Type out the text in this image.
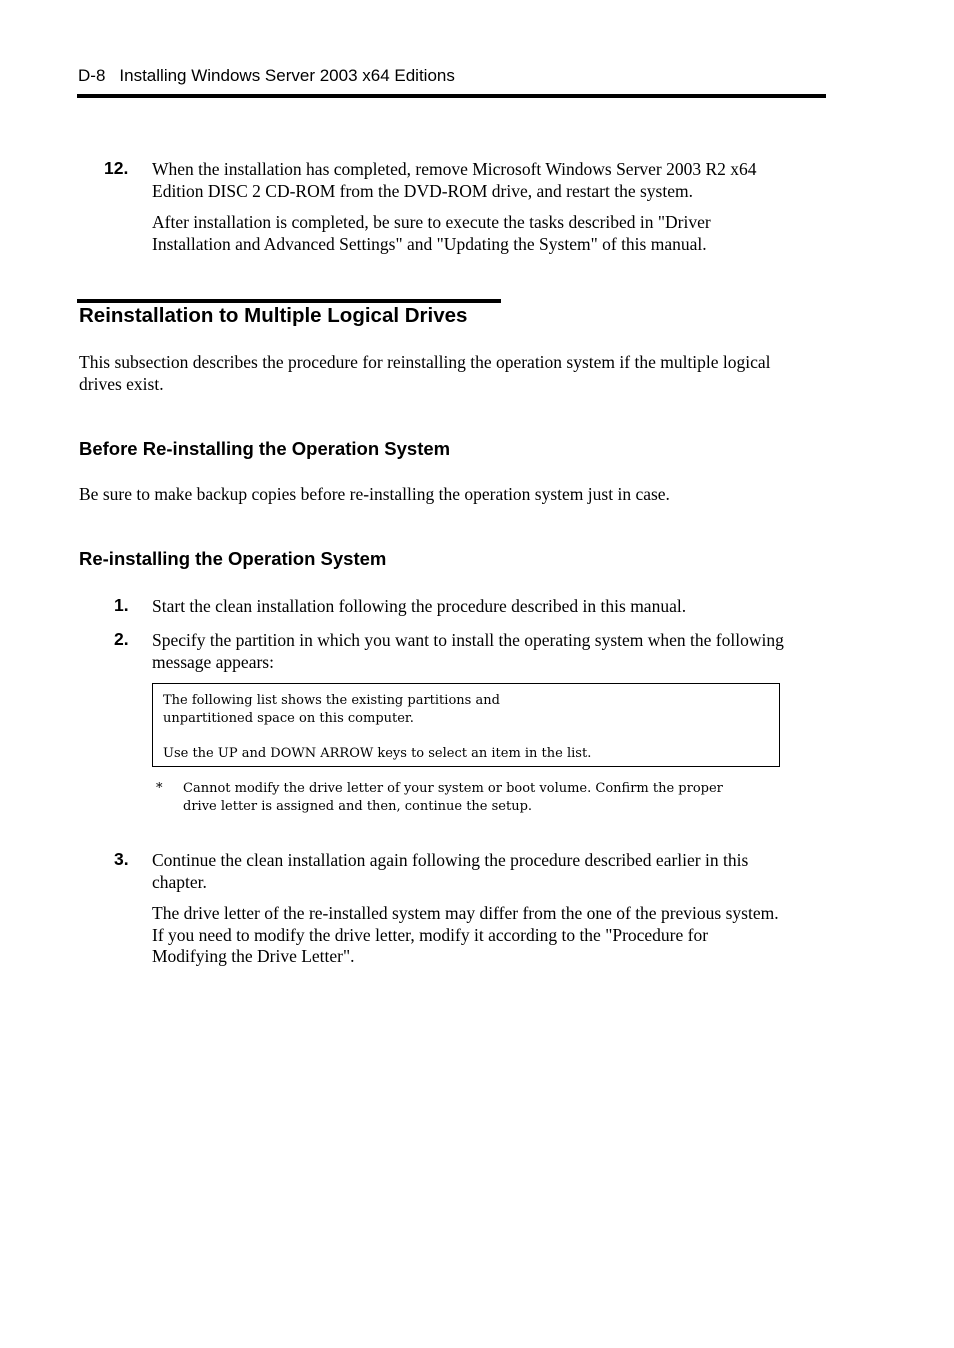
D-8 Installing Windows Server 2003 x64 Editions
12. When the installation has completed, remove Microsoft Windows Server 2003 R2 x64
Edition DISC 2 CD-ROM from the DVD-ROM drive, and restart the system.
After installation is completed, be sure to execute the tasks described in "Driver
Installation and Advanced Settings" and "Updating the System" of this manual.
Reinstallation to Multiple Logical Drives
This subsection describes the procedure for reinstalling the operation system if the multiple logical
drives exist.
Before Re-installing the Operation System
Be sure to make backup copies before re-installing the operation system just in case.
Re-installing the Operation System
1. Start the clean installation following the procedure described in this manual.
2. Specify the partition in which you want to install the operating system when the following
message appears:
The following list shows the existing partitions and
unpartitioned space on this computer.
Use the UP and DOWN ARROW keys to select an item in the list.
* Cannot modify the drive letter of your system or boot volume. Confirm the proper
drive letter is assigned and then, continue the setup.
3. Continue the clean installation again following the procedure described earlier in this
chapter.
The drive letter of the re-installed system may differ from the one of the previous system.
If you need to modify the drive letter, modify it according to the "Procedure for
Modifying the Drive Letter".
